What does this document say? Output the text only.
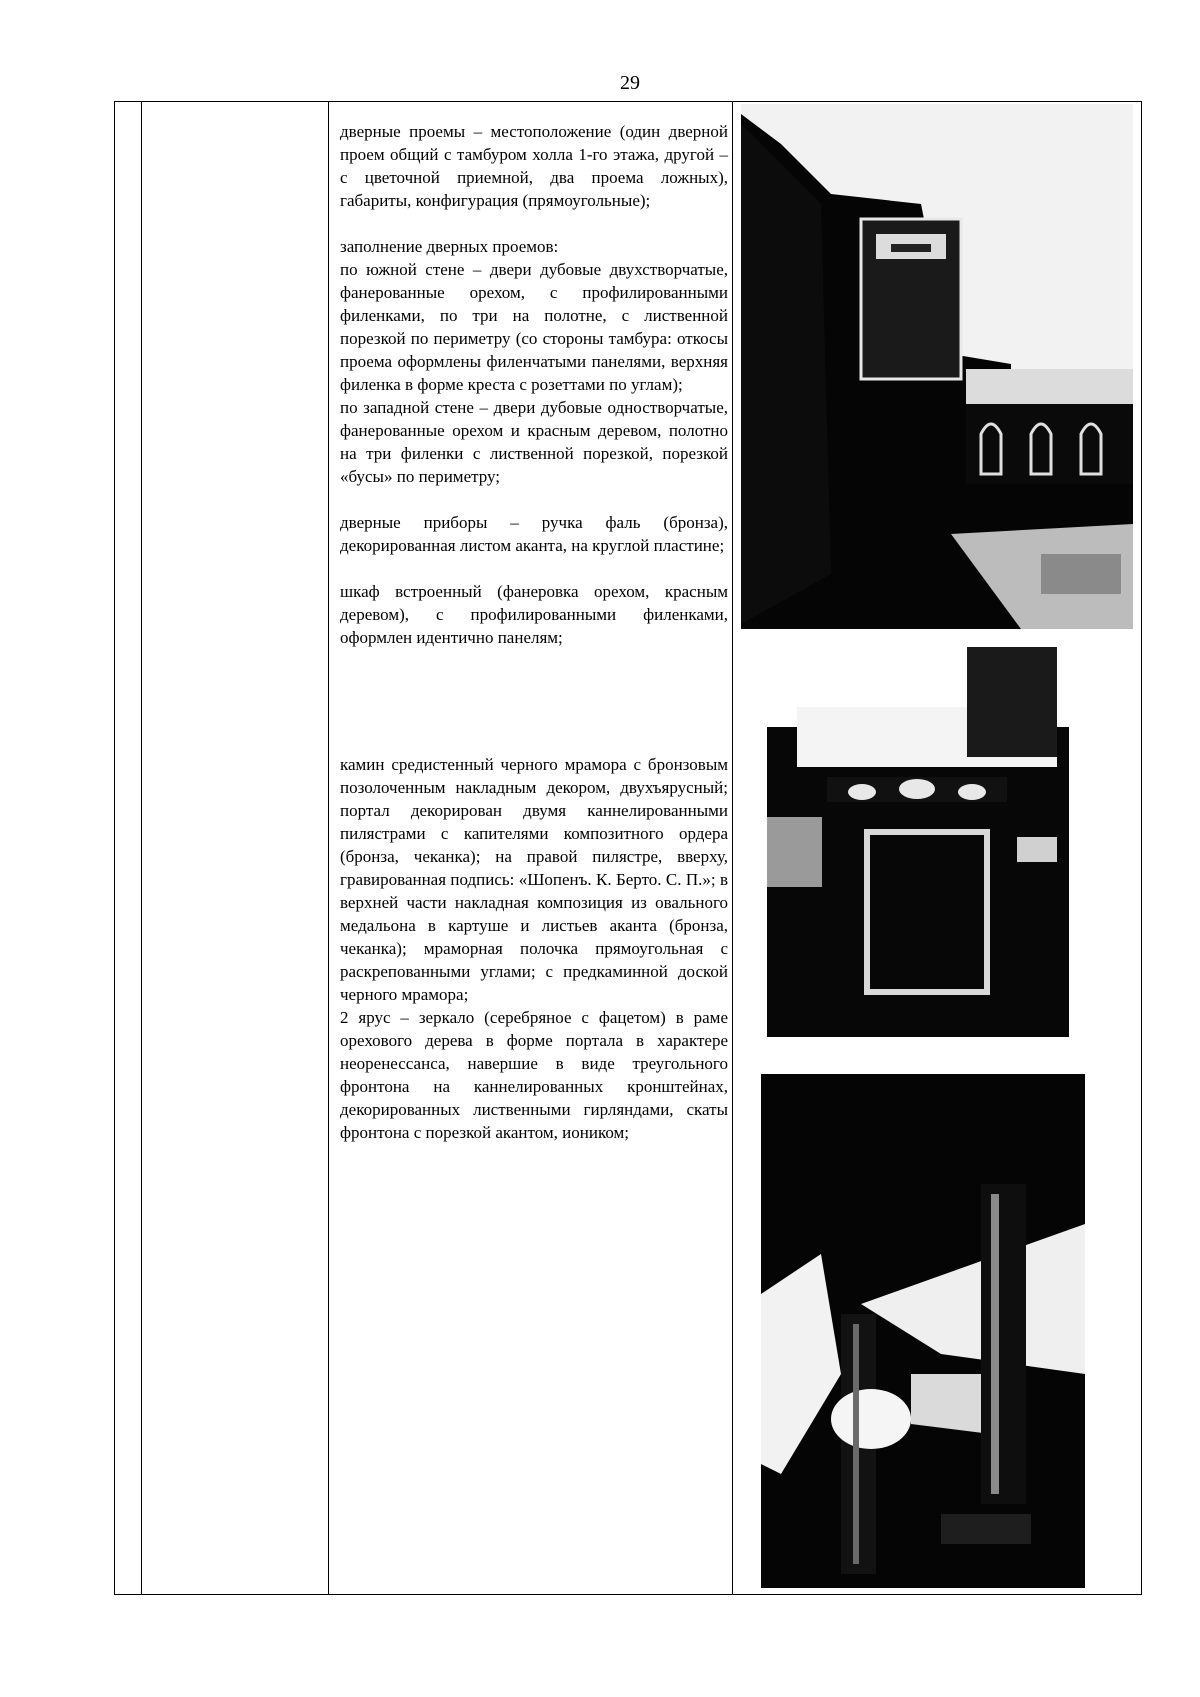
29

дверные проемы – местоположение (один дверной проем общий с тамбуром холла 1-го этажа, другой – с цветочной приемной, два проема ложных), габариты, конфигурация (прямоугольные);

заполнение дверных проемов:

по южной стене – двери дубовые двухстворчатые, фанерованные орехом, с профилированными филенками, по три на полотне, с лиственной порезкой по периметру (со стороны тамбура: откосы проема оформлены филенчатыми панелями, верхняя филенка в форме креста с розеттами по углам);

по западной стене – двери дубовые одностворчатые, фанерованные орехом и красным деревом, полотно на три филенки с лиственной порезкой, порезкой «бусы» по периметру;

дверные приборы – ручка фаль (бронза), декорированная листом аканта, на круглой пластине;

шкаф встроенный (фанеровка орехом, красным деревом), с профилированными филенками, оформлен идентично панелям;

камин средистенный черного мрамора с бронзовым позолоченным накладным декором, двухъярусный; портал декорирован двумя каннелированными пилястрами с капителями композитного ордера (бронза, чеканка); на правой пилястре, вверху, гравированная подпись: «Шопенъ. К. Берто. С. П.»; в верхней части накладная композиция из овального медальона в картуше и листьев аканта (бронза, чеканка); мраморная полочка прямоугольная с раскрепованными углами; с предкаминной доской черного мрамора;

2 ярус – зеркало (серебряное с фацетом) в раме орехового дерева в форме портала в характере неоренессанса, навершие в виде треугольного фронтона на каннелированных кронштейнах, декорированных лиственными гирляндами, скаты фронтона с порезкой акантом, иоником;
